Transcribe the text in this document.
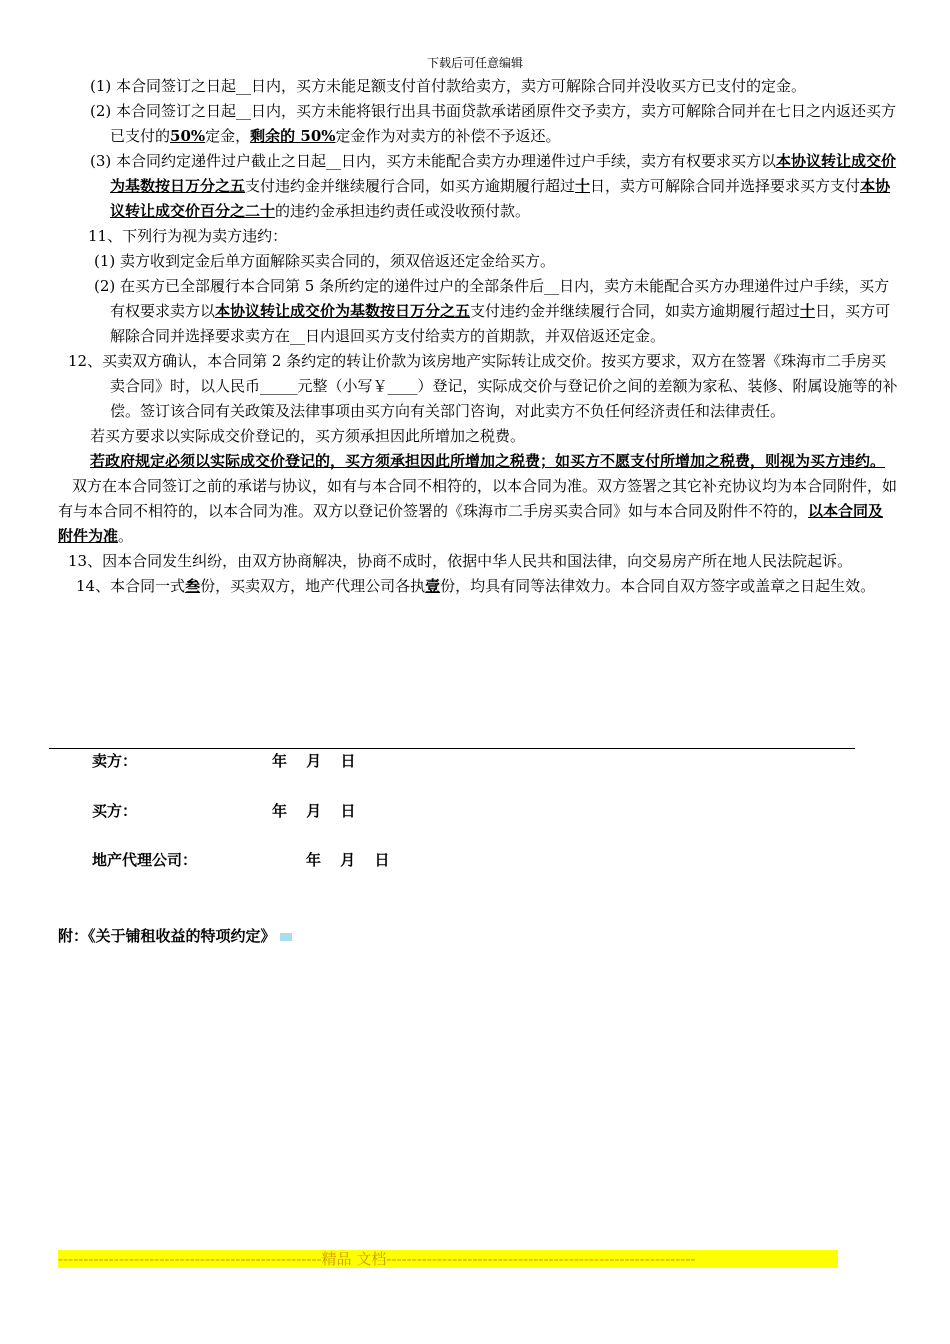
下载后可任意编辑

(1) 本合同签订之日起__日内，买方未能足额支付首付款给卖方，卖方可解除合同并没收买方已支付的定金。

(2) 本合同签订之日起__日内，买方未能将银行出具书面贷款承诺函原件交予卖方，卖方可解除合同并在七日之内返还买方已支付的50%定金，剩余的 50%定金作为对卖方的补偿不予返还。

(3) 本合同约定递件过户截止之日起__日内，买方未能配合卖方办理递件过户手续，卖方有权要求买方以本协议转让成交价为基数按日万分之五支付违约金并继续履行合同，如买方逾期履行超过十日，卖方可解除合同并选择要求买方支付本协议转让成交价百分之二十的违约金承担违约责任或没收预付款。

11、下列行为视为卖方违约：

(1) 卖方收到定金后单方面解除买卖合同的，须双倍返还定金给买方。

(2) 在买方已全部履行本合同第 5 条所约定的递件过户的全部条件后__日内，卖方未能配合买方办理递件过户手续，买方有权要求卖方以本协议转让成交价为基数按日万分之五支付违约金并继续履行合同，如卖方逾期履行超过十日，买方可解除合同并选择要求卖方在__日内退回买方支付给卖方的首期款，并双倍返还定金。

12、买卖双方确认，本合同第 2 条约定的转让价款为该房地产实际转让成交价。按买方要求，双方在签署《珠海市二手房买卖合同》时，以人民币_____元整（小写￥____）登记，实际成交价与登记价之间的差额为家私、装修、附属设施等的补偿。签订该合同有关政策及法律事项由买方向有关部门咨询，对此卖方不负任何经济责任和法律责任。

若买方要求以实际成交价登记的，买方须承担因此所增加之税费。

若政府规定必须以实际成交价登记的，买方须承担因此所增加之税费；如买方不愿支付所增加之税费，则视为买方违约。

双方在本合同签订之前的承诺与协议，如有与本合同不相符的，以本合同为准。双方签署之其它补充协议均为本合同附件，如有与本合同不相符的，以本合同为准。双方以登记价签署的《珠海市二手房买卖合同》如与本合同及附件不符的，以本合同及附件为准。

13、因本合同发生纠纷，由双方协商解决，协商不成时，依据中华人民共和国法律，向交易房产所在地人民法院起诉。

14、本合同一式叁份，买卖双方，地产代理公司各执壹份，均具有同等法律效力。本合同自双方签字或盖章之日起生效。

卖方：	年 月 日
买方：	年 月 日
地产代理公司：	年 月 日
附：《关于铺租收益的特项约定》
----------------------------------------------------精品 文档-------------------------------------------------------------
